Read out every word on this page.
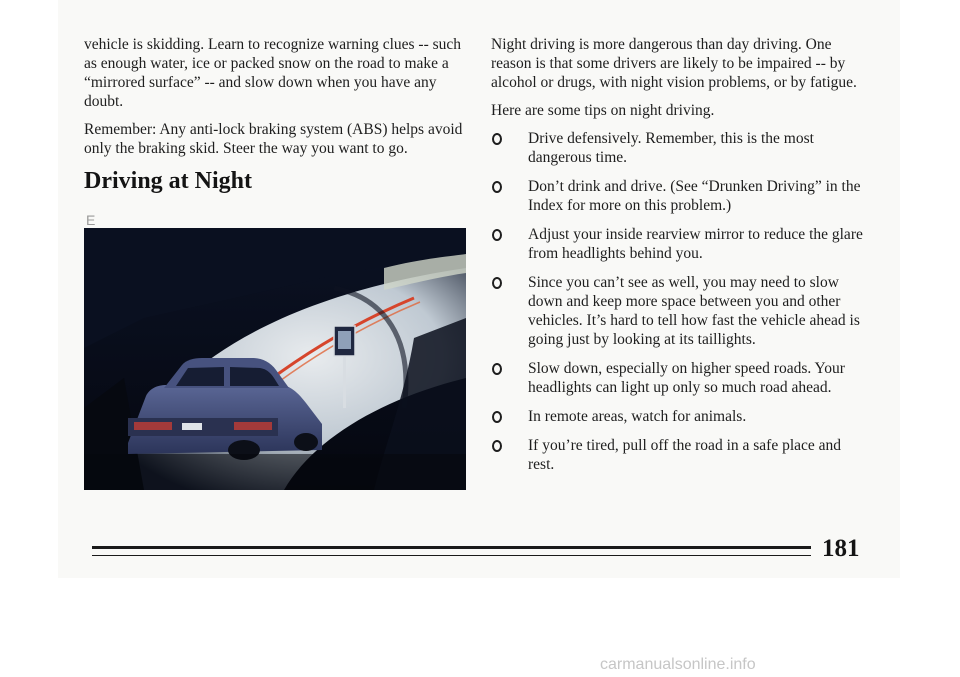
vehicle is skidding. Learn to recognize warning clues -- such as enough water, ice or packed snow on the road to make a “mirrored surface” -- and slow down when you have any doubt.

Remember: Any anti-lock braking system (ABS) helps avoid only the braking skid. Steer the way you want to go.

Driving at Night
E

Night driving is more dangerous than day driving. One reason is that some drivers are likely to be impaired -- by alcohol or drugs, with night vision problems, or by fatigue.

Here are some tips on night driving.

Drive defensively. Remember, this is the most dangerous time.
Don’t drink and drive. (See “Drunken Driving” in the Index for more on this problem.)
Adjust your inside rearview mirror to reduce the glare from headlights behind you.
Since you can’t see as well, you may need to slow down and keep more space between you and other vehicles. It’s hard to tell how fast the vehicle ahead is going just by looking at its taillights.
Slow down, especially on higher speed roads. Your headlights can light up only so much road ahead.
In remote areas, watch for animals.
If you’re tired, pull off the road in a safe place and rest.
181
carmanualsonline.info
